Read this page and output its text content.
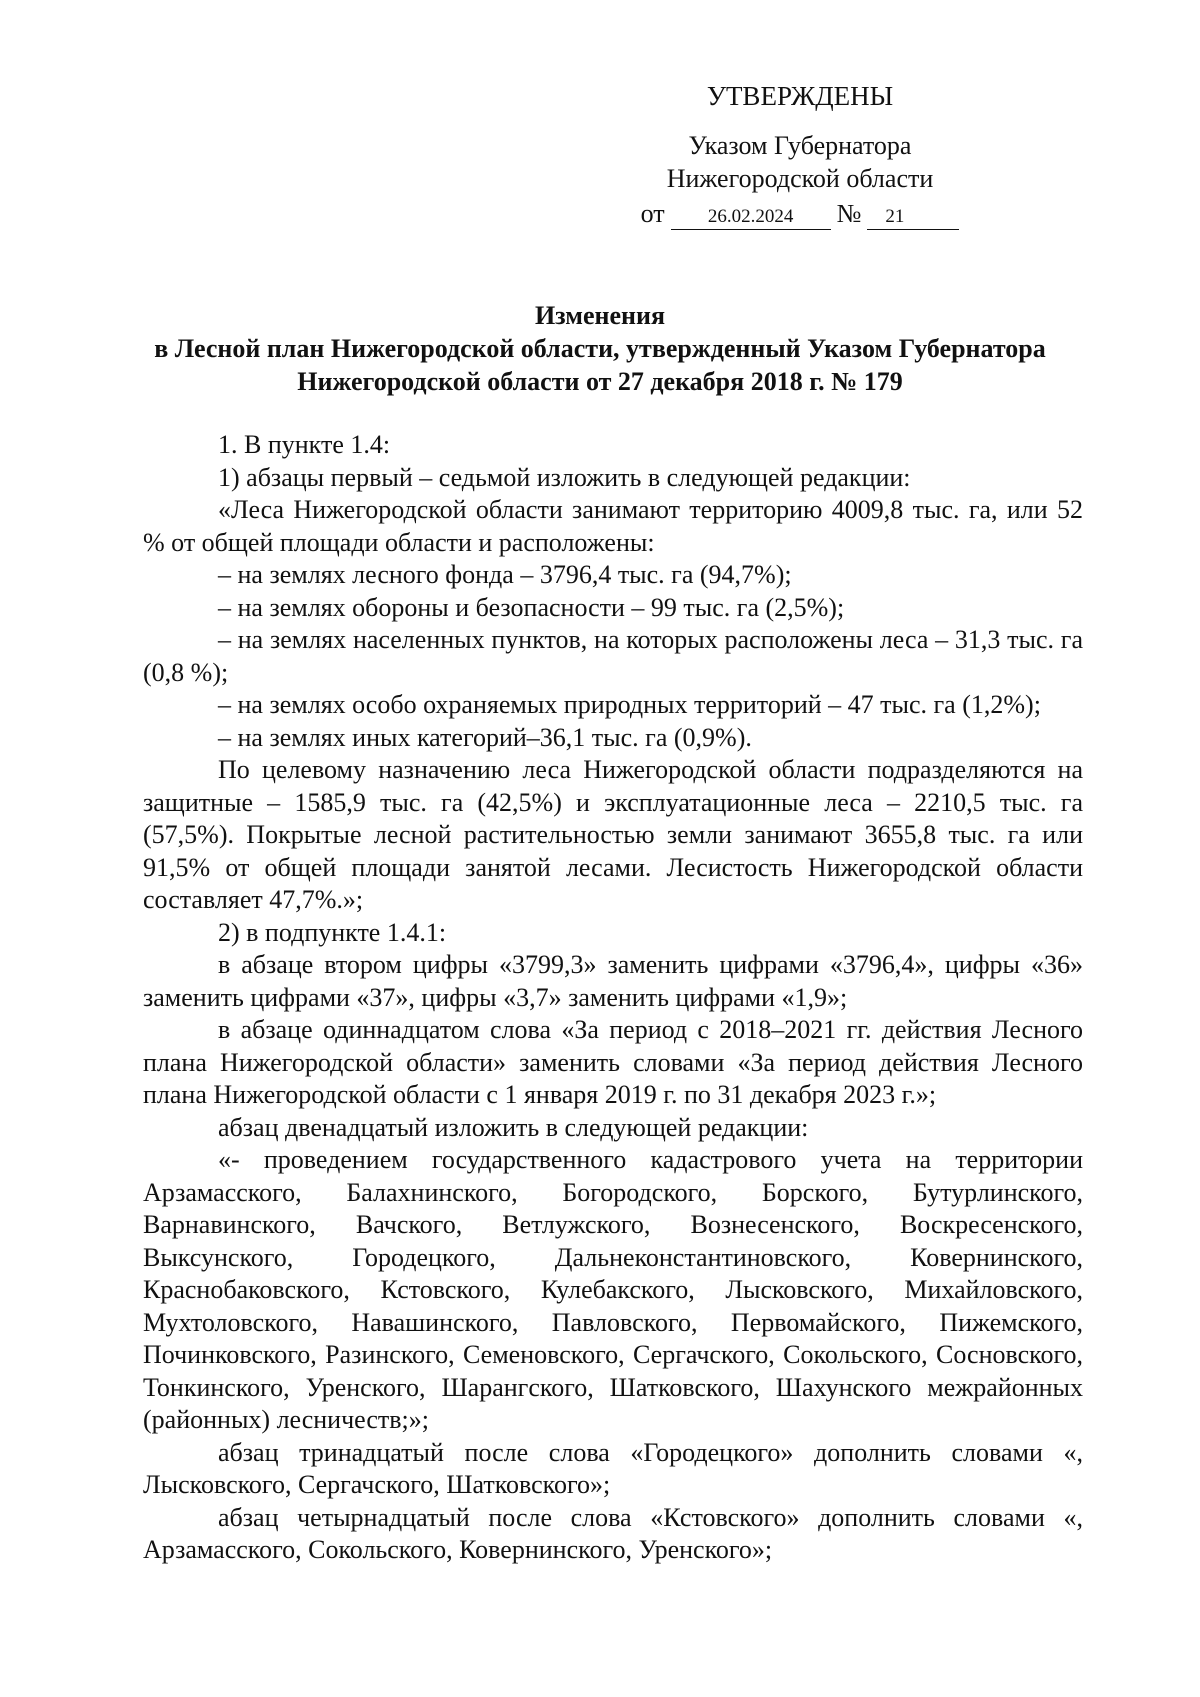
УТВЕРЖДЕНЫ
Указом Губернатора
Нижегородской области
от	26.02.2024	№	21
Изменения
в Лесной план Нижегородской области, утвержденный Указом Губернатора
Нижегородской области от 27 декабря 2018 г. № 179

1. В пункте 1.4:

1) абзацы первый – седьмой изложить в следующей редакции:

«Леса Нижегородской области занимают территорию 4009,8 тыс. га, или 52 % от общей площади области и расположены:

– на землях лесного фонда – 3796,4 тыс. га (94,7%);

– на землях обороны и безопасности – 99 тыс. га (2,5%);

– на землях населенных пунктов, на которых расположены леса – 31,3 тыс. га (0,8 %);

– на землях особо охраняемых природных территорий – 47 тыс. га (1,2%);

– на землях иных категорий–36,1 тыс. га (0,9%).

По целевому назначению леса Нижегородской области подразделяются на защитные – 1585,9 тыс. га (42,5%) и эксплуатационные леса – 2210,5 тыс. га (57,5%). Покрытые лесной растительностью земли занимают 3655,8 тыс. га или 91,5% от общей площади занятой лесами. Лесистость Нижегородской области составляет 47,7%.»;

2) в подпункте 1.4.1:

в абзаце втором цифры «3799,3» заменить цифрами «3796,4», цифры «36» заменить цифрами «37», цифры «3,7» заменить цифрами «1,9»;

в абзаце одиннадцатом слова «За период с 2018–2021 гг. действия Лесного плана Нижегородской области» заменить словами «За период действия Лесного плана Нижегородской области с 1 января 2019 г. по 31 декабря 2023 г.»;

абзац двенадцатый изложить в следующей редакции:

«- проведением государственного кадастрового учета на территории Арзамасского, Балахнинского, Богородского, Борского, Бутурлинского, Варнавинского, Вачского, Ветлужского, Вознесенского, Воскресенского, Выксунского, Городецкого, Дальнеконстантиновского, Ковернинского, Краснобаковского, Кстовского, Кулебакского, Лысковского, Михайловского, Мухтоловского, Навашинского, Павловского, Первомайского, Пижемского, Починковского, Разинского, Семеновского, Сергачского, Сокольского, Сосновского, Тонкинского, Уренского, Шарангского, Шатковского, Шахунского межрайонных (районных) лесничеств;»;

абзац тринадцатый после слова «Городецкого» дополнить словами «, Лысковского, Сергачского, Шатковского»;

абзац четырнадцатый после слова «Кстовского» дополнить словами «, Арзамасского, Сокольского, Ковернинского, Уренского»;
